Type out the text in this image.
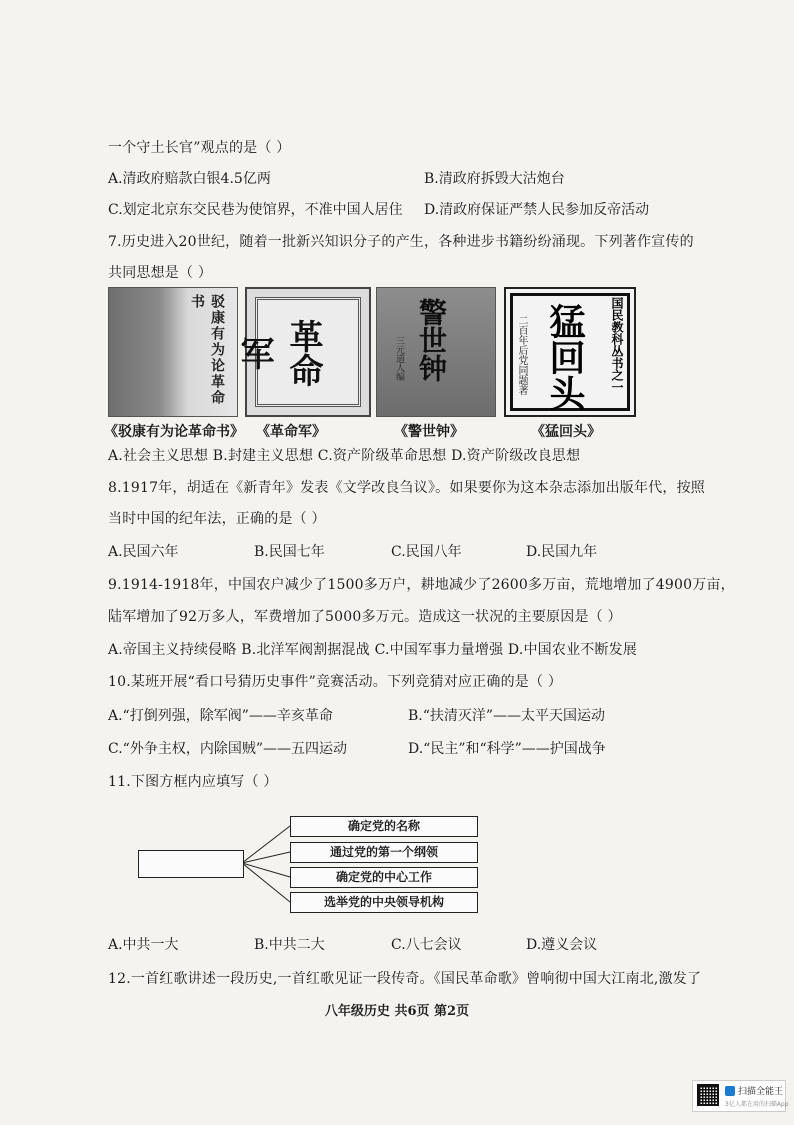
一个守土长官”观点的是（ ）
A.清政府赔款白银4.5亿两	B.清政府拆毁大沽炮台
C.划定北京东交民巷为使馆界，不准中国人居住 D.清政府保证严禁人民参加反帝活动
7.历史进入20世纪，随着一批新兴知识分子的产生，各种进步书籍纷纷涌现。下列著作宣传的
共同思想是（ ）
驳康有为论革命书
革命军	警世钟
三元道人编	国民教科丛书之一
猛回头
二百年后党同题著
《驳康有为论革命书》 《革命军》	《警世钟》	《猛回头》
A.社会主义思想 B.封建主义思想 C.资产阶级革命思想 D.资产阶级改良思想
8.1917年，胡适在《新青年》发表《文学改良刍议》。如果要你为这本杂志添加出版年代，按照
当时中国的纪年法，正确的是（ ）
A.民国六年	B.民国七年	C.民国八年	D.民国九年
9.1914-1918年，中国农户减少了1500多万户，耕地减少了2600多万亩，荒地增加了4900万亩，
陆军增加了92万多人，军费增加了5000多万元。造成这一状况的主要原因是（ ）
A.帝国主义持续侵略 B.北洋军阀割据混战 C.中国军事力量增强 D.中国农业不断发展
10.某班开展“看口号猜历史事件”竞赛活动。下列竞猜对应正确的是（ ）
A.“打倒列强，除军阀”——辛亥革命	B.“扶清灭洋”——太平天国运动
C.“外争主权，内除国贼”——五四运动	D.“民主”和“科学”——护国战争
11.下图方框内应填写（ ）
确定党的名称
通过党的第一个纲领
确定党的中心工作
选举党的中央领导机构
A.中共一大	B.中共二大	C.八七会议	D.遵义会议
12.一首红歌讲述一段历史,一首红歌见证一段传奇。《国民革命歌》曾响彻中国大江南北,激发了
八年级历史 共6页 第2页
扫描全能王
3亿人都在用的扫描App
